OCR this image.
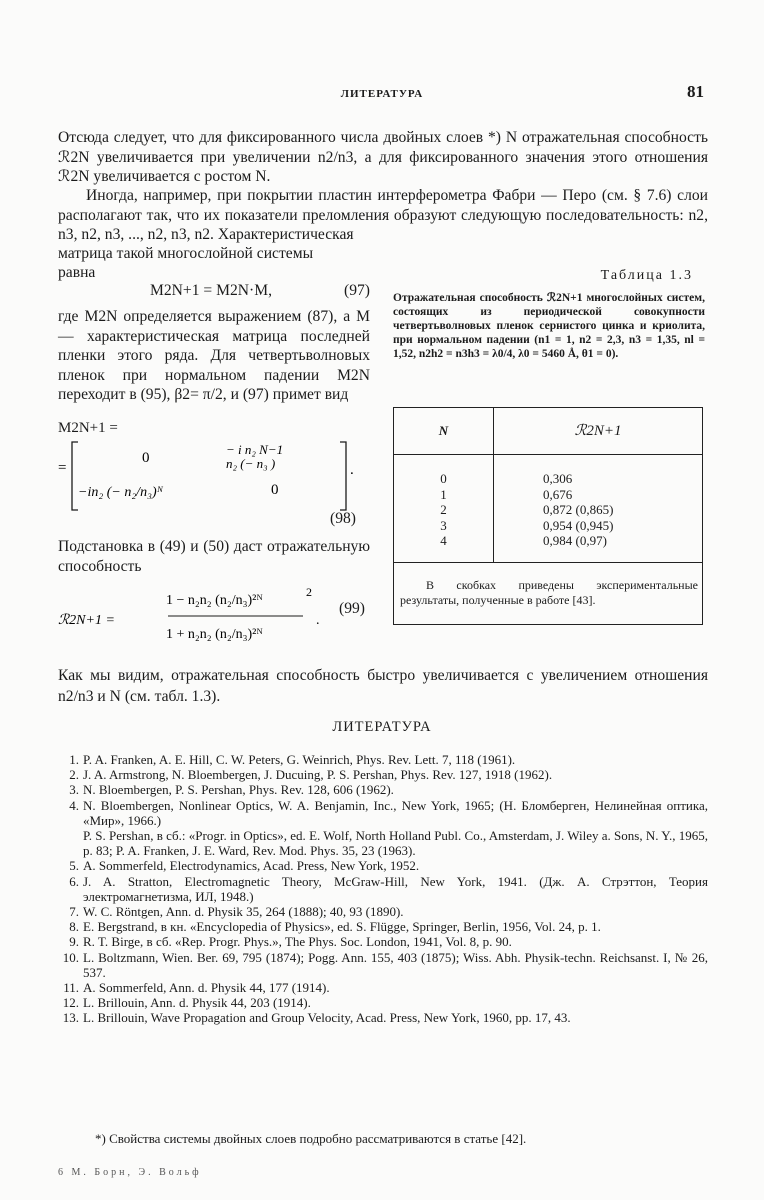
ЛИТЕРАТУРА	81
Отсюда следует, что для фиксированного числа двойных слоев *) N отражательная способность ℛ2N увеличивается при увеличении n2/n3, а для фиксированного значения этого отношения ℛ2N увеличивается с ростом N.
Иногда, например, при покрытии пластин интерферометра Фабри — Перо (см. § 7.6) слои располагают так, что их показатели преломления образуют следующую последовательность: n2, n3, n2, n3, ..., n2, n3, n2. Характеристическая
матрица такой многослойной системы
равна
M2N+1 = M2N·M,	(97)
где M2N определяется выражением (87), а M — характеристическая матрица последней пленки этого ряда. Для четвертьволновых пленок при нормальном падении M2N переходит в (95), β2= π/2, и (97) примет вид
M2N+1 =
=
0
− i n₂ N−1
n₂ (− n₃ )
−in₂ (− n₂/n₃)ᴺ	0
.
(98)
Подстановка в (49) и (50) даст отражательную способность
ℛ2N+1 =
1 − n₂n₂ (n₂/n₃)²ᴺ
1 + n₂n₂ (n₂/n₃)²ᴺ
2
.
(99)
Таблица 1.3
Отражательная способность ℛ2N+1 многослойных систем, состоящих из периодической совокупности четвертьволновых пленок сернистого цинка и криолита, при нормальном падении (n1 = 1, n2 = 2,3, n3 = 1,35, nl = 1,52, n2h2 = n3h3 = λ0/4, λ0 = 5460 Å, θ1 = 0).
N	ℛ2N+1
0	0,306
1	0,676
2	0,872 (0,865)
3	0,954 (0,945)
4	0,984 (0,97)
В скобках приведены экспериментальные результаты, полученные в работе [43].
Как мы видим, отражательная способность быстро увеличивается с увеличением отношения n2/n3 и N (см. табл. 1.3).
ЛИТЕРАТУРА
1. P. A. Franken, A. E. Hill, C. W. Peters, G. Weinrich, Phys. Rev. Lett. 7, 118 (1961).
2. J. A. Armstrong, N. Bloembergen, J. Ducuing, P. S. Pershan, Phys. Rev. 127, 1918 (1962).
3. N. Bloembergen, P. S. Pershan, Phys. Rev. 128, 606 (1962).
4. N. Bloembergen, Nonlinear Optics, W. A. Benjamin, Inc., New York, 1965; (Н. Бломберген, Нелинейная оптика, «Мир», 1966.)
P. S. Pershan, в сб.: «Progr. in Optics», ed. E. Wolf, North Holland Publ. Co., Amsterdam, J. Wiley a. Sons, N. Y., 1965, p. 83; P. A. Franken, J. E. Ward, Rev. Mod. Phys. 35, 23 (1963).
5. A. Sommerfeld, Electrodynamics, Acad. Press, New York, 1952.
6. J. A. Stratton, Electromagnetic Theory, McGraw-Hill, New York, 1941. (Дж. А. Стрэттон, Теория электромагнетизма, ИЛ, 1948.)
7. W. C. Röntgen, Ann. d. Physik 35, 264 (1888); 40, 93 (1890).
8. E. Bergstrand, в кн. «Encyclopedia of Physics», ed. S. Flügge, Springer, Berlin, 1956, Vol. 24, p. 1.
9. R. T. Birge, в сб. «Rep. Progr. Phys.», The Phys. Soc. London, 1941, Vol. 8, p. 90.
10. L. Boltzmann, Wien. Ber. 69, 795 (1874); Pogg. Ann. 155, 403 (1875); Wiss. Abh. Physik-techn. Reichsanst. I, № 26, 537.
11. A. Sommerfeld, Ann. d. Physik 44, 177 (1914).
12. L. Brillouin, Ann. d. Physik 44, 203 (1914).
13. L. Brillouin, Wave Propagation and Group Velocity, Acad. Press, New York, 1960, pp. 17, 43.
*) Свойства системы двойных слоев подробно рассматриваются в статье [42].
6 М. Борн, Э. Вольф
